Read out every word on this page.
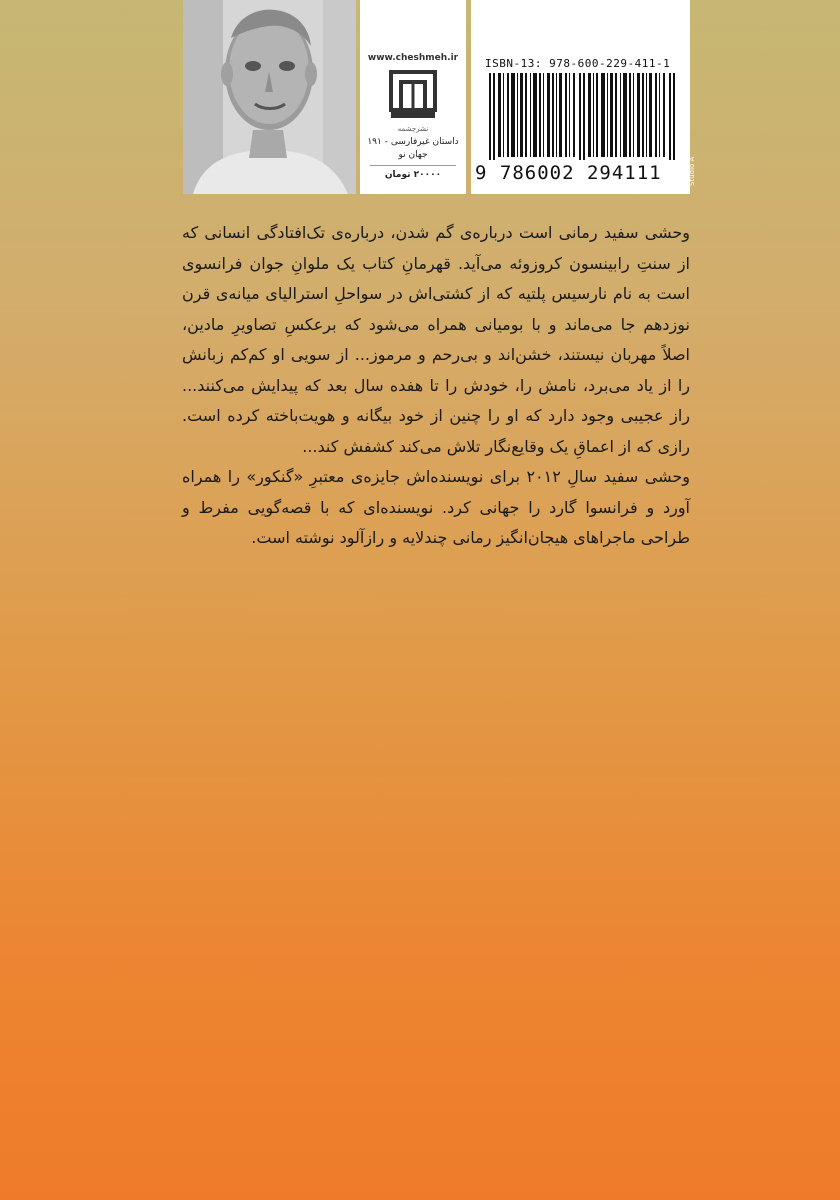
www.cheshmeh.ir
نشرچشمه
داستان غیرفارسی - ۱۹۱
جهان نو
۲۰۰۰۰ تومان
ISBN-13: 978-600-229-411-1
9 786002 294111	Studio A

وحشی سفید رمانی است درباره‌ی گم شدن، درباره‌ی تک‌افتادگی انسانی که از سنتِ رابینسون کروزوئه می‌آید. قهرمانِ کتاب یک ملوانِ جوان فرانسوی است به نام نارسیس پلتیه که از کشتی‌اش در سواحلِ استرالیای میانه‌ی قرن نوزدهم جا می‌ماند و با بومیانی همراه می‌شود که برعکسِ تصاویرِ مادین، اصلاً مهربان نیستند، خشن‌اند و بی‌رحم و مرموز... از سویی او کم‌کم زبانش را از یاد می‌برد، نامش را، خودش را تا هفده سال بعد که پیدایش می‌کنند... راز عجیبی وجود دارد که او را چنین از خود بیگانه و هویت‌باخته کرده است. رازی که از اعماقِ یک وقایع‌نگار تلاش می‌کند کشفش کند...

وحشی سفید سالِ ۲۰۱۲ برای نویسنده‌اش جایزه‌ی معتبرِ «گنکور» را همراه آورد و فرانسوا گارد را جهانی کرد. نویسنده‌ای که با قصه‌گویی مفرط و طراحی ماجراهای هیجان‌انگیز رمانی چندلایه و رازآلود نوشته است.
